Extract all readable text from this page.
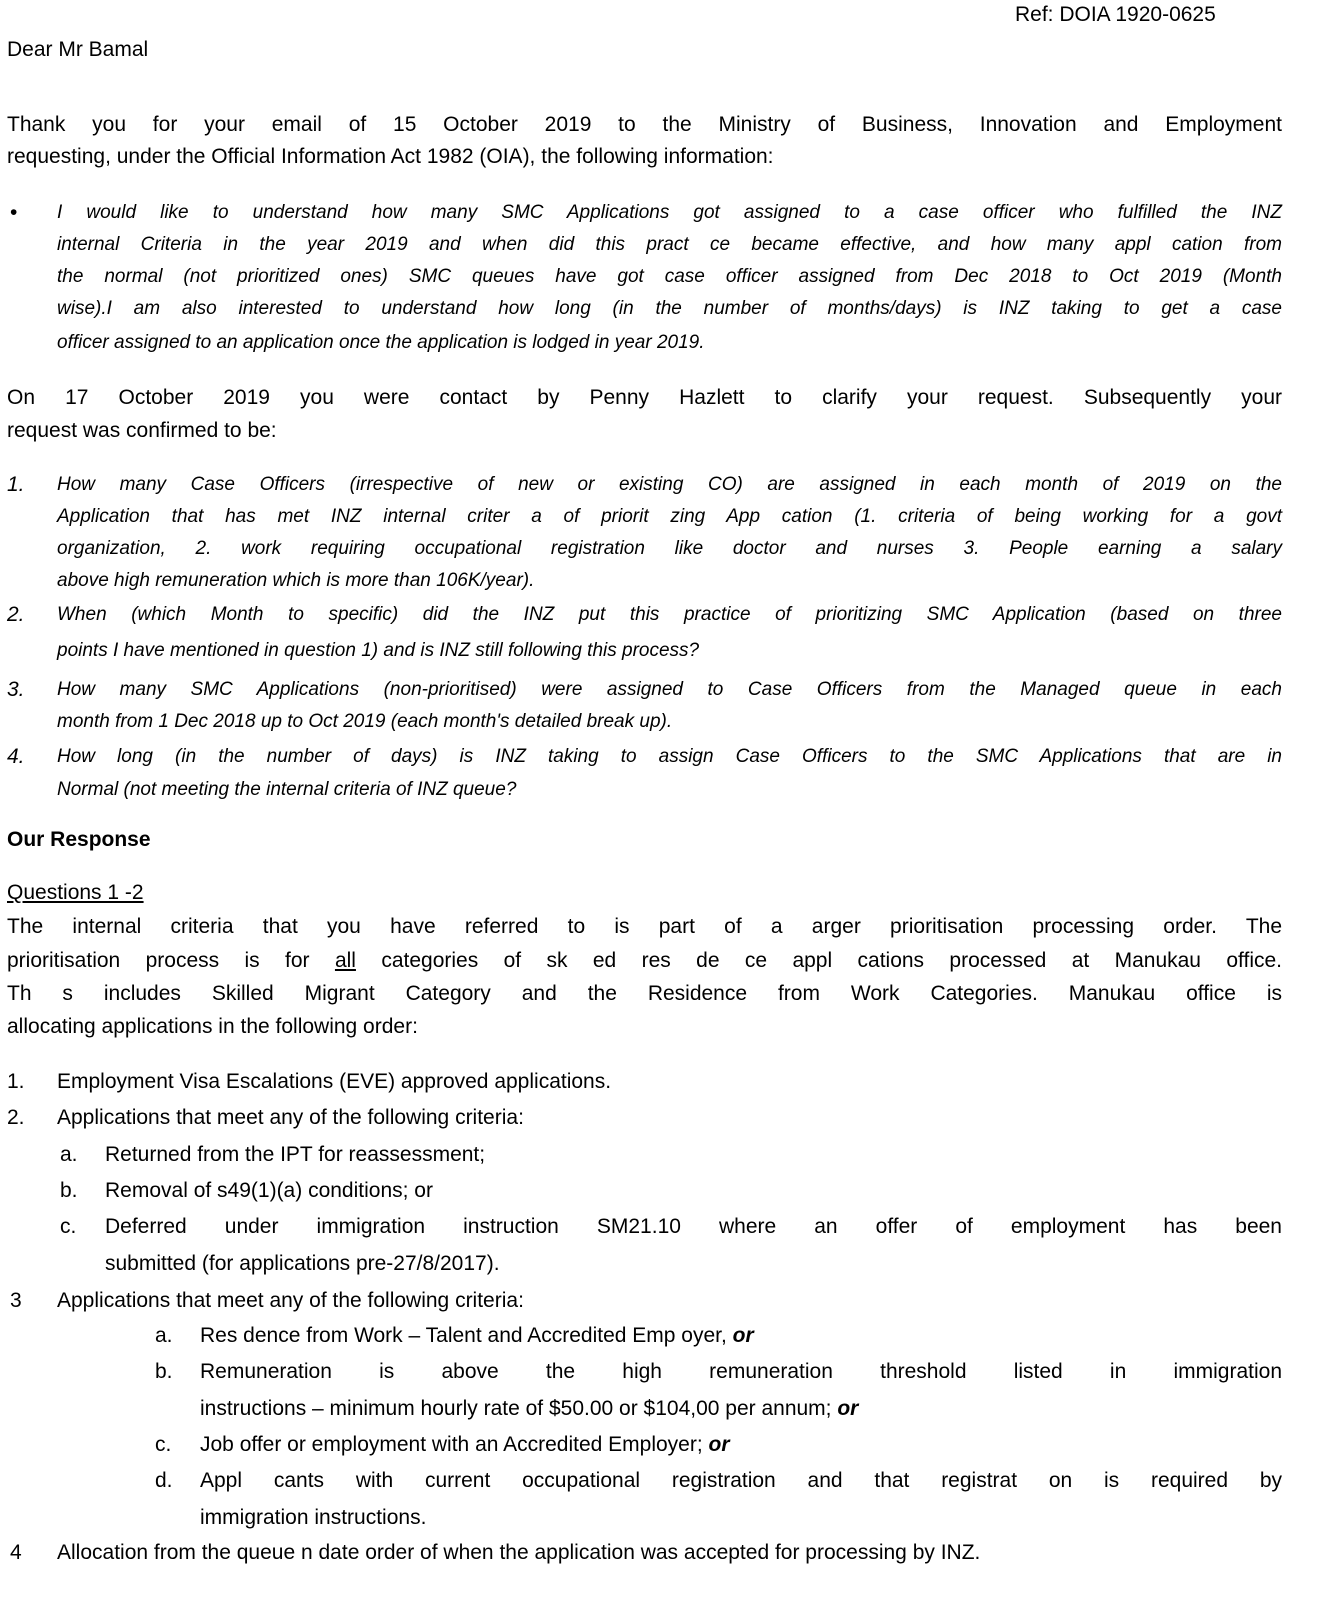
Ref: DOIA 1920-0625
Dear Mr Bamal
Thank you for your email of 15 October 2019 to the Ministry of Business, Innovation and Employment
requesting, under the Official Information Act 1982 (OIA), the following information:
• I would like to understand how many SMC Applications got assigned to a case officer who fulfilled the INZ
internal Criteria in the year 2019 and when did this pract ce became effective, and how many appl cation from
the normal (not prioritized ones) SMC queues have got case officer assigned from Dec 2018 to Oct 2019 (Month
wise).I am also interested to understand how long (in the number of months/days) is INZ taking to get a case
officer assigned to an application once the application is lodged in year 2019.
On 17 October 2019 you were contact by Penny Hazlett to clarify your request. Subsequently your
request was confirmed to be:
1. How many Case Officers (irrespective of new or existing CO) are assigned in each month of 2019 on the
Application that has met INZ internal criter a of priorit zing App cation (1. criteria of being working for a govt
organization, 2. work requiring occupational registration like doctor and nurses 3. People earning a salary
above high remuneration which is more than 106K/year).
2. When (which Month to specific) did the INZ put this practice of prioritizing SMC Application (based on three
points I have mentioned in question 1) and is INZ still following this process?
3. How many SMC Applications (non-prioritised) were assigned to Case Officers from the Managed queue in each
month from 1 Dec 2018 up to Oct 2019 (each month's detailed break up).
4. How long (in the number of days) is INZ taking to assign Case Officers to the SMC Applications that are in
Normal (not meeting the internal criteria of INZ queue?
Our Response
Questions 1 -2
The internal criteria that you have referred to is part of a arger prioritisation processing order. The
prioritisation process is for all categories of sk ed res de ce appl cations processed at Manukau office.
Th s includes Skilled Migrant Category and the Residence from Work Categories. Manukau office is
allocating applications in the following order:
1. Employment Visa Escalations (EVE) approved applications.
2. Applications that meet any of the following criteria:
a. Returned from the IPT for reassessment;
b. Removal of s49(1)(a) conditions; or
c. Deferred under immigration instruction SM21.10 where an offer of employment has been
submitted (for applications pre-27/8/2017).
3 Applications that meet any of the following criteria:
a. Res dence from Work – Talent and Accredited Emp oyer, or
b. Remuneration is above the high remuneration threshold listed in immigration
instructions – minimum hourly rate of $50.00 or $104,00 per annum; or
c. Job offer or employment with an Accredited Employer; or
d. Appl cants with current occupational registration and that registrat on is required by
immigration instructions.
4 Allocation from the queue n date order of when the application was accepted for processing by INZ.
